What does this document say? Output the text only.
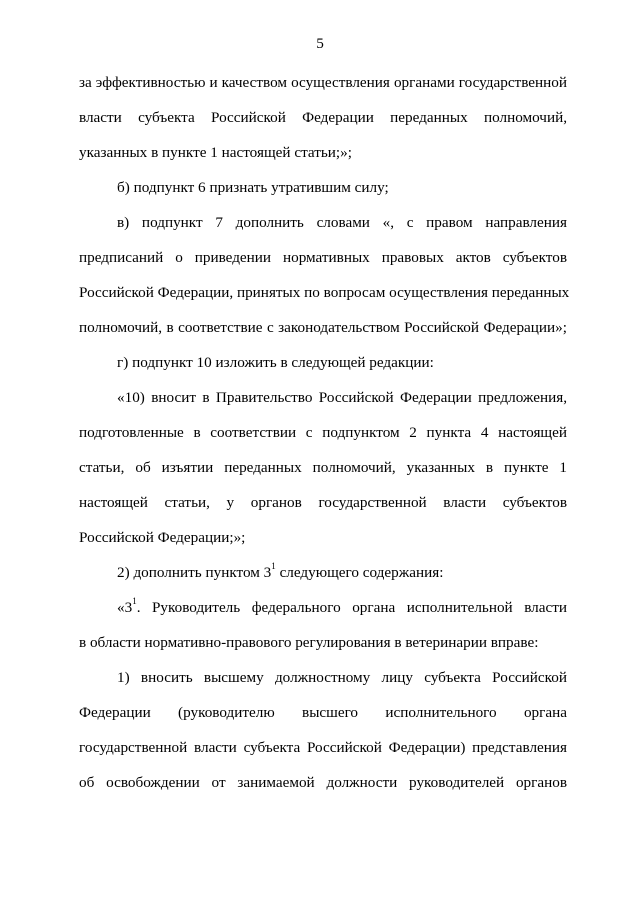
5
за эффективностью и качеством осуществления органами государственной
власти субъекта Российской Федерации переданных полномочий,
указанных в пункте 1 настоящей статьи;»;
б) подпункт 6 признать утратившим силу;
в) подпункт 7 дополнить словами «, с правом направления
предписаний о приведении нормативных правовых актов субъектов
Российской Федерации, принятых по вопросам осуществления переданных
полномочий, в соответствие с законодательством Российской Федерации»;
г) подпункт 10 изложить в следующей редакции:
«10) вносит в Правительство Российской Федерации предложения,
подготовленные в соответствии с подпунктом 2 пункта 4 настоящей
статьи, об изъятии переданных полномочий, указанных в пункте 1
настоящей статьи, у органов государственной власти субъектов
Российской Федерации;»;
2) дополнить пунктом $3^1$ следующего содержания:
«$3^1$. Руководитель федерального органа исполнительной власти
в области нормативно-правового регулирования в ветеринарии вправе:
1) вносить высшему должностному лицу субъекта Российской
Федерации (руководителю высшего исполнительного органа
государственной власти субъекта Российской Федерации) представления
об освобождении от занимаемой должности руководителей органов
